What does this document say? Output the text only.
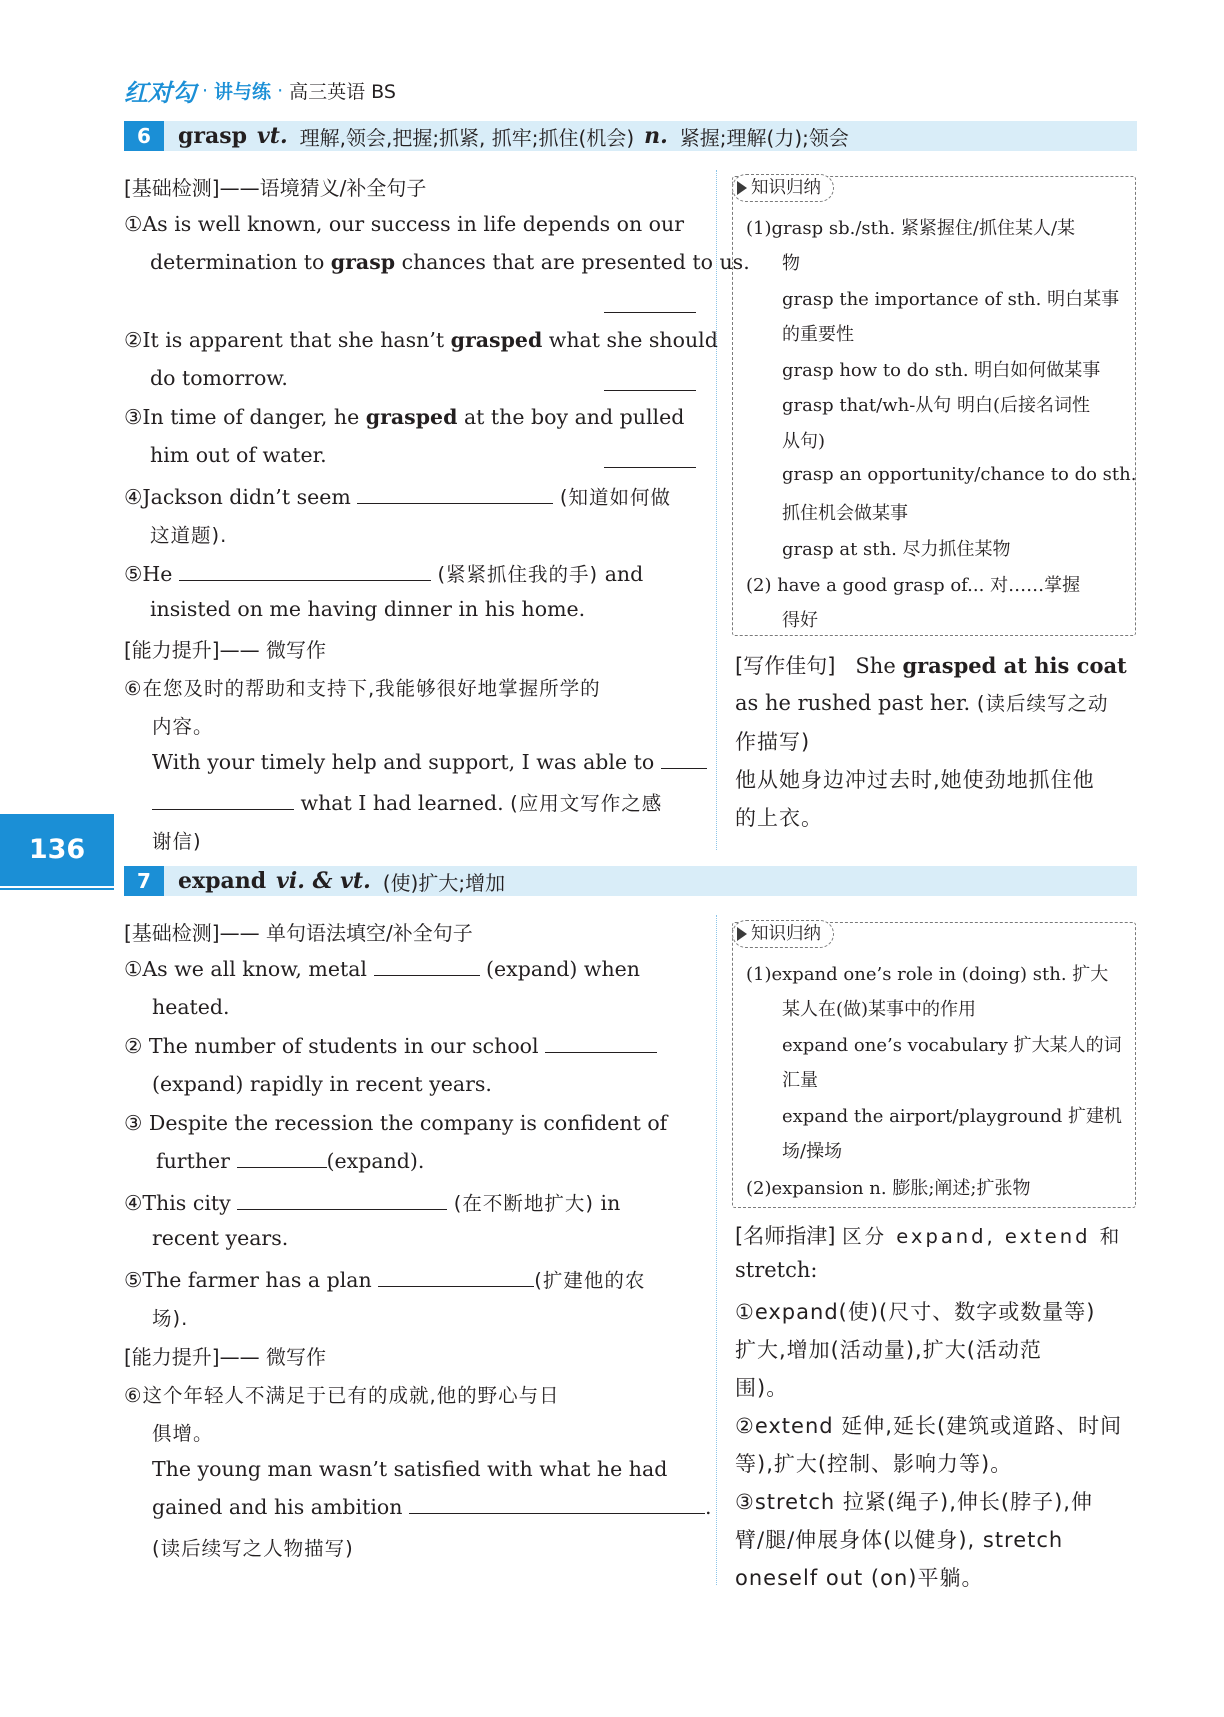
红对勾 · 讲与练 · 高三英语 BS
136
6	grasp vt. 理解,领会,把握;抓紧, 抓牢;抓住(机会) n. 紧握;理解(力);领会
[基础检测]——语境猜义/补全句子
①As is well known, our success in life depends on our
determination to grasp chances that are presented to us.
②It is apparent that she hasn’t grasped what she should
do tomorrow.
③In time of danger, he grasped at the boy and pulled
him out of water.
④Jackson didn’t seem	(知道如何做
这道题).
⑤He	(紧紧抓住我的手) and
insisted on me having dinner in his home.
[能力提升]—— 微写作
⑥在您及时的帮助和支持下,我能够很好地掌握所学的
内容。
With your timely help and support, I was able to
what I had learned. (应用文写作之感
谢信)
知识归纳
(1)grasp sb./sth. 紧紧握住/抓住某人/某
物
grasp the importance of sth. 明白某事
的重要性
grasp how to do sth. 明白如何做某事
grasp that/wh-从句 明白(后接名词性
从句)
grasp an opportunity/chance to do sth.
抓住机会做某事
grasp at sth. 尽力抓住某物
(2) have a good grasp of... 对……掌握
得好
[写作佳句] She grasped at his coat
as he rushed past her. (读后续写之动
作描写)
他从她身边冲过去时,她使劲地抓住他
的上衣。
7	expand vi. & vt. (使)扩大;增加
[基础检测]—— 单句语法填空/补全句子
①As we all know, metal	(expand) when
heated.
② The number of students in our school
(expand) rapidly in recent years.
③ Despite the recession the company is confident of
further	(expand).
④This city	(在不断地扩大) in
recent years.
⑤The farmer has a plan	(扩建他的农
场).
[能力提升]—— 微写作
⑥这个年轻人不满足于已有的成就,他的野心与日
俱增。
The young man wasn’t satisfied with what he had
gained and his ambition	.
(读后续写之人物描写)
知识归纳
(1)expand one’s role in (doing) sth. 扩大
某人在(做)某事中的作用
expand one’s vocabulary 扩大某人的词
汇量
expand the airport/playground 扩建机
场/操场
(2)expansion n. 膨胀;阐述;扩张物
[名师指津] 区分 expand, extend 和
stretch:
①expand(使)(尺寸、数字或数量等)
扩大,增加(活动量),扩大(活动范
围)。
②extend 延伸,延长(建筑或道路、时间
等),扩大(控制、影响力等)。
③stretch 拉紧(绳子),伸长(脖子),伸
臂/腿/伸展身体(以健身), stretch
oneself out (on)平躺。
